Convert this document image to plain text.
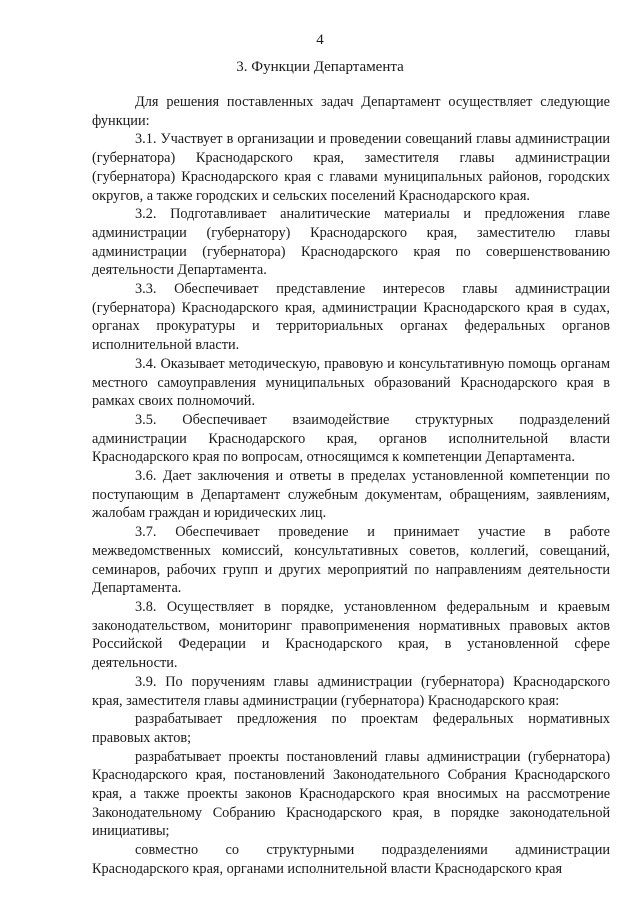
4
3. Функции Департамента

Для решения поставленных задач Департамент осуществляет следующие функции:

3.1. Участвует в организации и проведении совещаний главы администрации (губернатора) Краснодарского края, заместителя главы администрации (губернатора) Краснодарского края с главами муниципальных районов, городских округов, а также городских и сельских поселений Краснодарского края.

3.2. Подготавливает аналитические материалы и предложения главе администрации (губернатору) Краснодарского края, заместителю главы администрации (губернатора) Краснодарского края по совершенствованию деятельности Департамента.

3.3. Обеспечивает представление интересов главы администрации (губернатора) Краснодарского края, администрации Краснодарского края в судах, органах прокуратуры и территориальных органах федеральных органов исполнительной власти.

3.4. Оказывает методическую, правовую и консультативную помощь органам местного самоуправления муниципальных образований Краснодарского края в рамках своих полномочий.

3.5. Обеспечивает взаимодействие структурных подразделений администрации Краснодарского края, органов исполнительной власти Краснодарского края по вопросам, относящимся к компетенции Департамента.

3.6. Дает заключения и ответы в пределах установленной компетенции по поступающим в Департамент служебным документам, обращениям, заявлениям, жалобам граждан и юридических лиц.

3.7. Обеспечивает проведение и принимает участие в работе межведомственных комиссий, консультативных советов, коллегий, совещаний, семинаров, рабочих групп и других мероприятий по направлениям деятельности Департамента.

3.8. Осуществляет в порядке, установленном федеральным и краевым законодательством, мониторинг правоприменения нормативных правовых актов Российской Федерации и Краснодарского края, в установленной сфере деятельности.

3.9. По поручениям главы администрации (губернатора) Краснодарского края, заместителя главы администрации (губернатора) Краснодарского края:

разрабатывает предложения по проектам федеральных нормативных правовых актов;

разрабатывает проекты постановлений главы администрации (губернатора) Краснодарского края, постановлений Законодательного Собрания Краснодарского края, а также проекты законов Краснодарского края вносимых на рассмотрение Законодательному Собранию Краснодарского края, в порядке законодательной инициативы;

совместно со структурными подразделениями администрации Краснодарского края, органами исполнительной власти Краснодарского края
